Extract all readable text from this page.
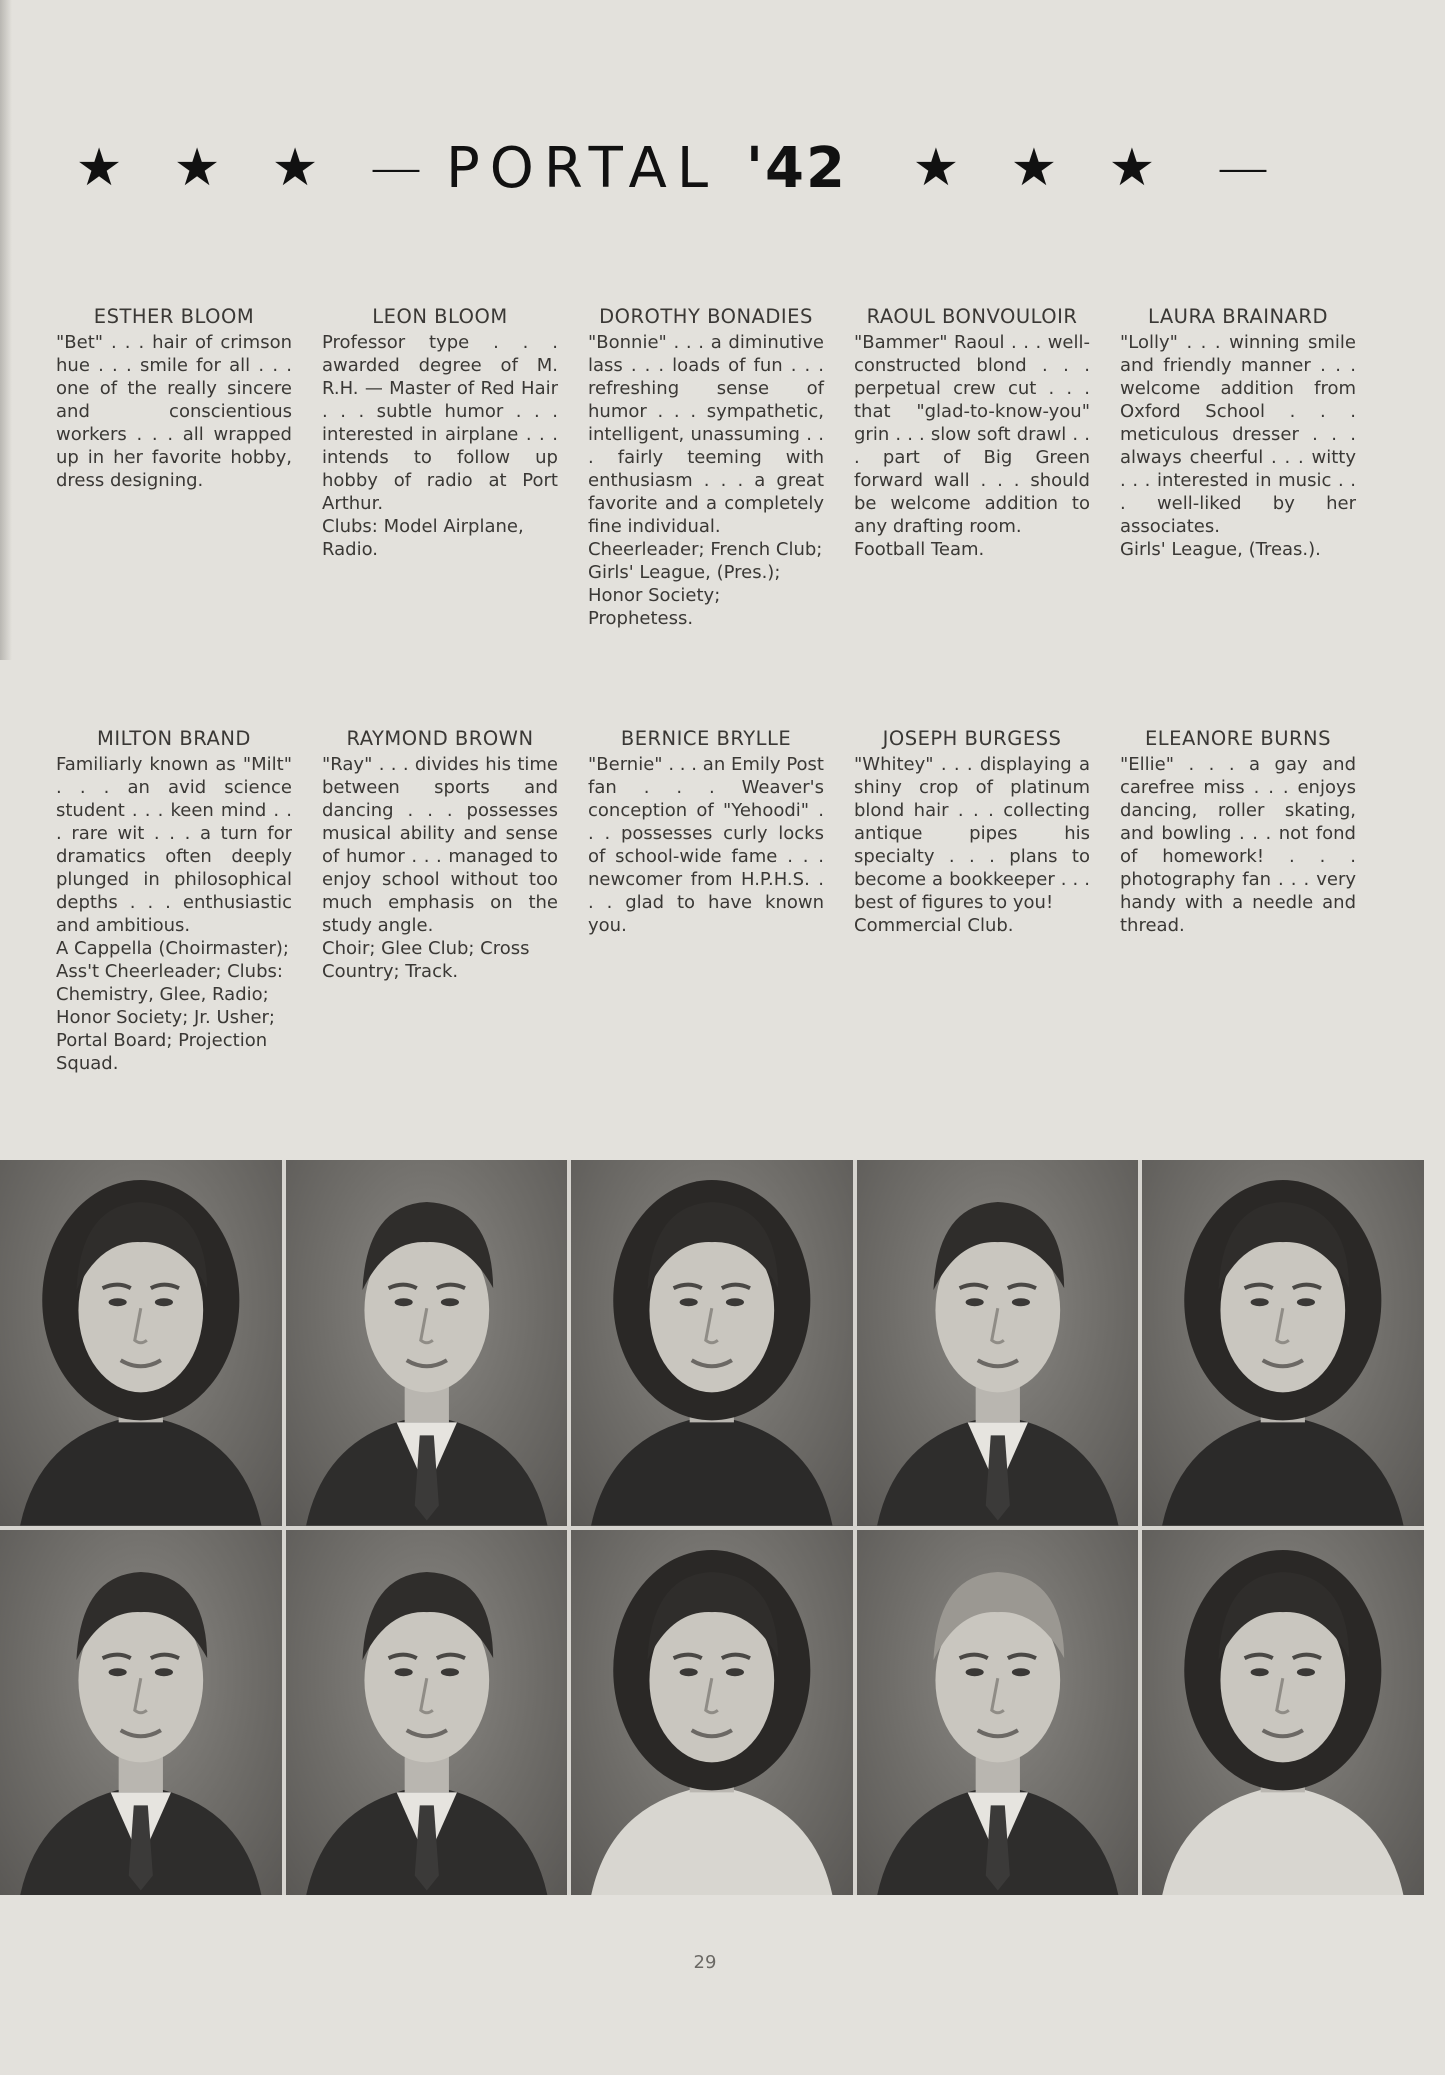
★ ★ ★ — PORTAL '42	★ ★ ★	—
ESTHER BLOOM
"Bet" . . . hair of crimson hue . . . smile for all . . . one of the really sincere and conscientious workers . . . all wrapped up in her favorite hobby, dress designing.
LEON BLOOM
Professor type . . . awarded degree of M. R.H. — Master of Red Hair . . . subtle humor . . . interested in airplane . . . intends to follow up hobby of radio at Port Arthur.
Clubs: Model Airplane, Radio.
DOROTHY BONADIES
"Bonnie" . . . a diminutive lass . . . loads of fun . . . refreshing sense of humor . . . sympathetic, intelligent, unassuming . . . fairly teeming with enthusiasm . . . a great favorite and a completely fine individual.
Cheerleader; French Club; Girls' League, (Pres.); Honor Society; Prophetess.
RAOUL BONVOULOIR
"Bammer" Raoul . . . well-constructed blond . . . perpetual crew cut . . . that "glad-to-know-you" grin . . . slow soft drawl . . . part of Big Green forward wall . . . should be welcome addition to any drafting room.
Football Team.
LAURA BRAINARD
"Lolly" . . . winning smile and friendly manner . . . welcome addition from Oxford School . . . meticulous dresser . . . always cheerful . . . witty . . . interested in music . . . well-liked by her associates.
Girls' League, (Treas.).
MILTON BRAND
Familiarly known as "Milt" . . . an avid science student . . . keen mind . . . rare wit . . . a turn for dramatics often deeply plunged in philosophical depths . . . enthusiastic and ambitious.
A Cappella (Choirmaster); Ass't Cheerleader; Clubs: Chemistry, Glee, Radio; Honor Society; Jr. Usher; Portal Board; Projection Squad.
RAYMOND BROWN
"Ray" . . . divides his time between sports and dancing . . . possesses musical ability and sense of humor . . . managed to enjoy school without too much emphasis on the study angle.
Choir; Glee Club; Cross Country; Track.
BERNICE BRYLLE
"Bernie" . . . an Emily Post fan . . . Weaver's conception of "Yehoodi" . . . possesses curly locks of school-wide fame . . . newcomer from H.P.H.S. . . . glad to have known you.
JOSEPH BURGESS
"Whitey" . . . displaying a shiny crop of platinum blond hair . . . collecting antique pipes his specialty . . . plans to become a bookkeeper . . . best of figures to you!
Commercial Club.
ELEANORE BURNS
"Ellie" . . . a gay and carefree miss . . . enjoys dancing, roller skating, and bowling . . . not fond of homework! . . . photography fan . . . very handy with a needle and thread.
29
